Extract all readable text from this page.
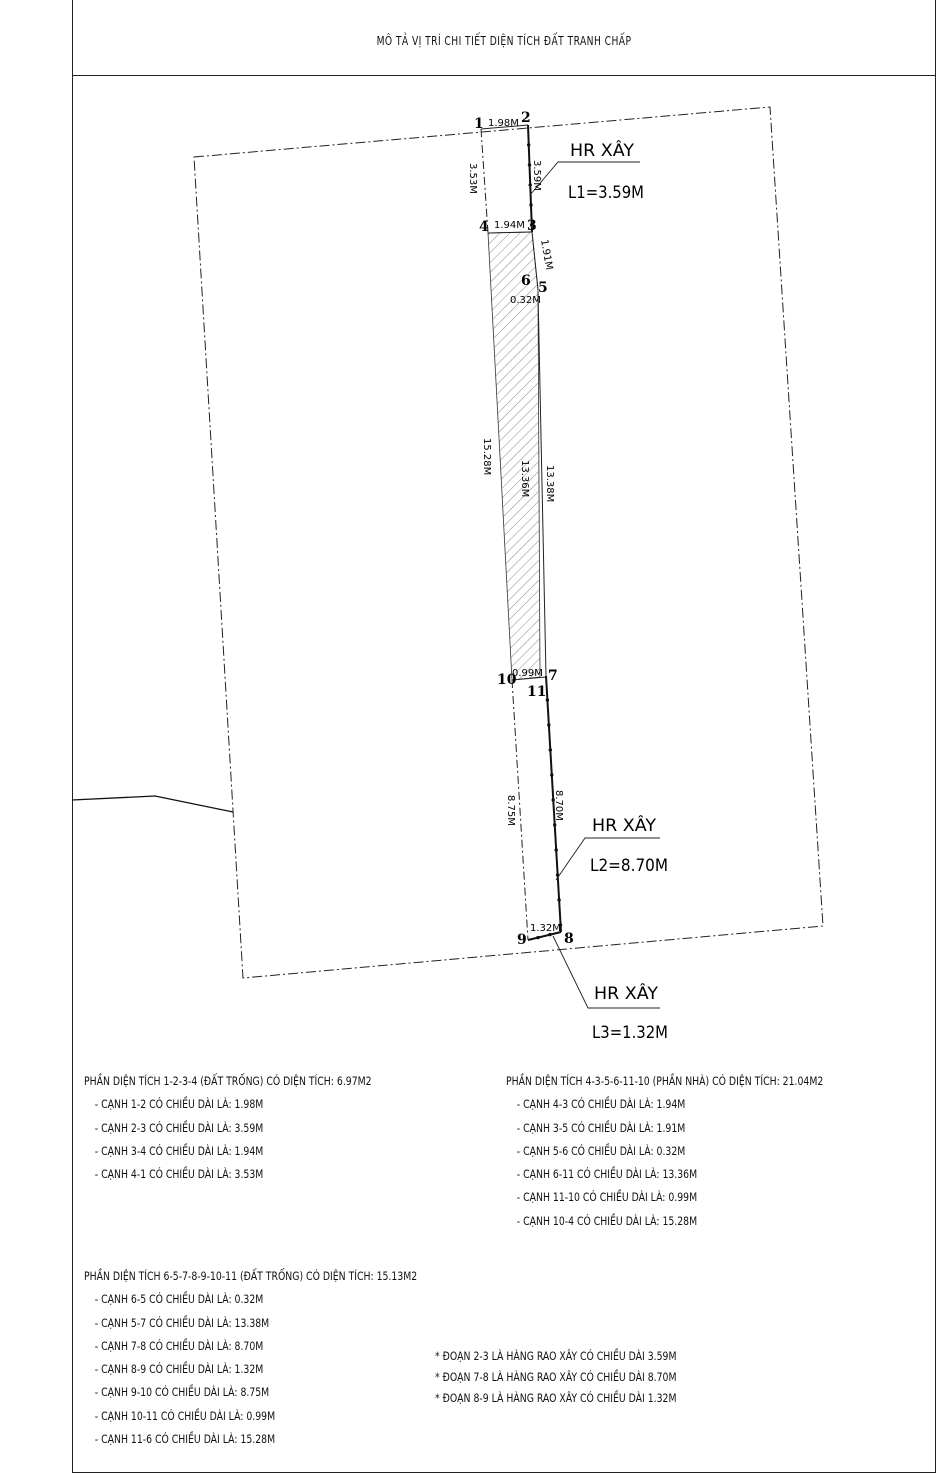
MÔ TẢ VỊ TRÍ CHI TIẾT DIỆN TÍCH ĐẤT TRANH CHẤP
1	2
3
4
5
6
7
8
9
10
11
1.98M
3.59M
3.53M
1.94M
1.91M
0.32M
15.28M
13.36M 13.38M
0.99M
8.70M
8.75M
1.32M
HR XÂY
L1=3.59M
HR XÂY
L2=8.70M
HR XÂY
L3=1.32M
PHẦN DIỆN TÍCH 1-2-3-4 (ĐẤT TRỐNG) CÓ DIỆN TÍCH: 6.97M2
- CẠNH 1-2 CÓ CHIỀU DÀI LÀ: 1.98M
- CẠNH 2-3 CÓ CHIỀU DÀI LÀ: 3.59M
- CẠNH 3-4 CÓ CHIỀU DÀI LÀ: 1.94M
- CẠNH 4-1 CÓ CHIỀU DÀI LÀ: 3.53M
PHẦN DIỆN TÍCH 4-3-5-6-11-10 (PHẦN NHÀ) CÓ DIỆN TÍCH: 21.04M2
- CẠNH 4-3 CÓ CHIỀU DÀI LÀ: 1.94M
- CẠNH 3-5 CÓ CHIỀU DÀI LÀ: 1.91M
- CẠNH 5-6 CÓ CHIỀU DÀI LÀ: 0.32M
- CẠNH 6-11 CÓ CHIỀU DÀI LÀ: 13.36M
- CẠNH 11-10 CÓ CHIỀU DÀI LÀ: 0.99M
- CẠNH 10-4 CÓ CHIỀU DÀI LÀ: 15.28M
PHẦN DIỆN TÍCH 6-5-7-8-9-10-11 (ĐẤT TRỐNG) CÓ DIỆN TÍCH: 15.13M2
- CẠNH 6-5 CÓ CHIỀU DÀI LÀ: 0.32M
- CẠNH 5-7 CÓ CHIỀU DÀI LÀ: 13.38M
- CẠNH 7-8 CÓ CHIỀU DÀI LÀ: 8.70M
- CẠNH 8-9 CÓ CHIỀU DÀI LÀ: 1.32M
- CẠNH 9-10 CÓ CHIỀU DÀI LÀ: 8.75M
- CẠNH 10-11 CÓ CHIỀU DÀI LÀ: 0.99M
- CẠNH 11-6 CÓ CHIỀU DÀI LÀ: 15.28M
* ĐOẠN 2-3 LÀ HÀNG RAO XÂY CÓ CHIỀU DÀI 3.59M
* ĐOẠN 7-8 LÀ HÀNG RAO XÂY CÓ CHIỀU DÀI 8.70M
* ĐOẠN 8-9 LÀ HÀNG RAO XÂY CÓ CHIỀU DÀI 1.32M
